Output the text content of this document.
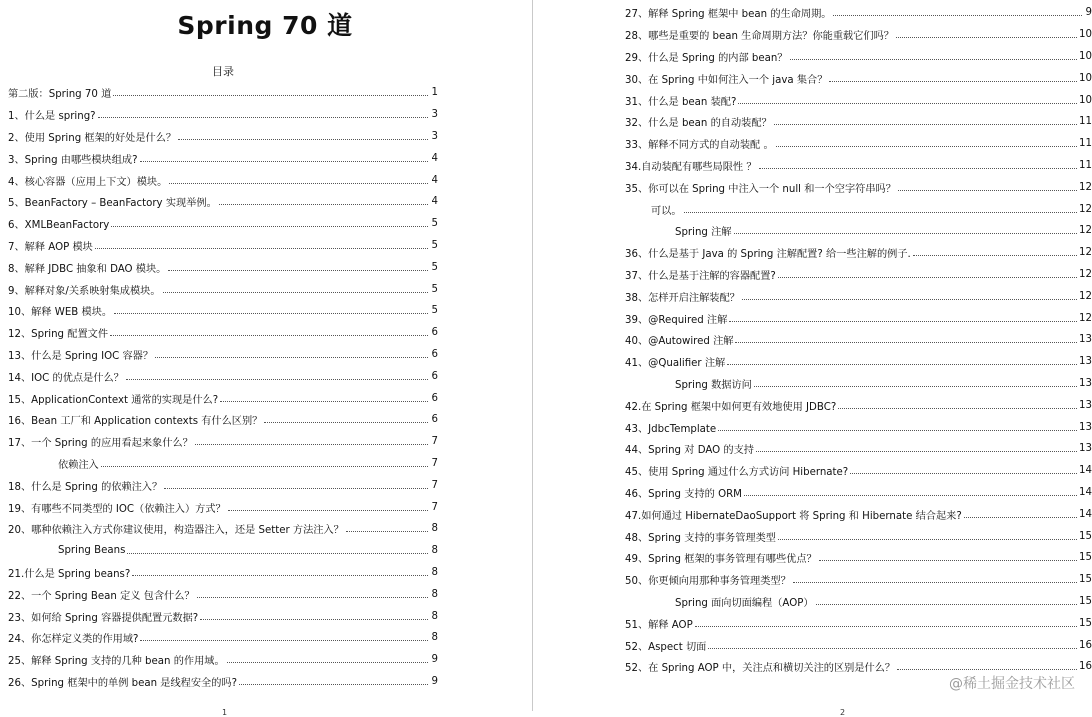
Spring 70 道
目录
第二版：Spring 70 道	1
1、什么是 spring?	3
2、使用 Spring 框架的好处是什么？	3
3、Spring 由哪些模块组成?	4
4、核心容器（应用上下文）模块。	4
5、BeanFactory – BeanFactory 实现举例。	4
6、XMLBeanFactory	5
7、解释 AOP 模块	5
8、解释 JDBC 抽象和 DAO 模块。	5
9、解释对象/关系映射集成模块。	5
10、解释 WEB 模块。	5
12、Spring 配置文件	6
13、什么是 Spring IOC 容器？	6
14、IOC 的优点是什么？	6
15、ApplicationContext 通常的实现是什么?	6
16、Bean 工厂和 Application contexts 有什么区别？	6
17、一个 Spring 的应用看起来象什么？	7
依赖注入	7
18、什么是 Spring 的依赖注入？	7
19、有哪些不同类型的 IOC（依赖注入）方式？	7
20、哪种依赖注入方式你建议使用，构造器注入，还是 Setter 方法注入？	8
Spring Beans	8
21.什么是 Spring beans?	8
22、一个 Spring Bean 定义 包含什么？	8
23、如何给 Spring 容器提供配置元数据?	8
24、你怎样定义类的作用域?	8
25、解释 Spring 支持的几种 bean 的作用域。	9
26、Spring 框架中的单例 bean 是线程安全的吗?	9
1
27、解释 Spring 框架中 bean 的生命周期。	9
28、哪些是重要的 bean 生命周期方法？你能重载它们吗？	10
29、什么是 Spring 的内部 bean？	10
30、在 Spring 中如何注入一个 java 集合？	10
31、什么是 bean 装配?	10
32、什么是 bean 的自动装配？	11
33、解释不同方式的自动装配 。	11
34.自动装配有哪些局限性 ？	11
35、你可以在 Spring 中注入一个 null 和一个空字符串吗？	12
可以。	12
Spring 注解	12
36、什么是基于 Java 的 Spring 注解配置? 给一些注解的例子.	12
37、什么是基于注解的容器配置?	12
38、怎样开启注解装配？	12
39、@Required 注解	12
40、@Autowired 注解	13
41、@Qualifier 注解	13
Spring 数据访问	13
42.在 Spring 框架中如何更有效地使用 JDBC?	13
43、JdbcTemplate	13
44、Spring 对 DAO 的支持	13
45、使用 Spring 通过什么方式访问 Hibernate?	14
46、Spring 支持的 ORM	14
47.如何通过 HibernateDaoSupport 将 Spring 和 Hibernate 结合起来?	14
48、Spring 支持的事务管理类型	15
49、Spring 框架的事务管理有哪些优点？	15
50、你更倾向用那种事务管理类型？	15
Spring 面向切面编程（AOP）	15
51、解释 AOP	15
52、Aspect 切面	16
52、在 Spring AOP 中，关注点和横切关注的区别是什么？	16
2
@稀土掘金技术社区
